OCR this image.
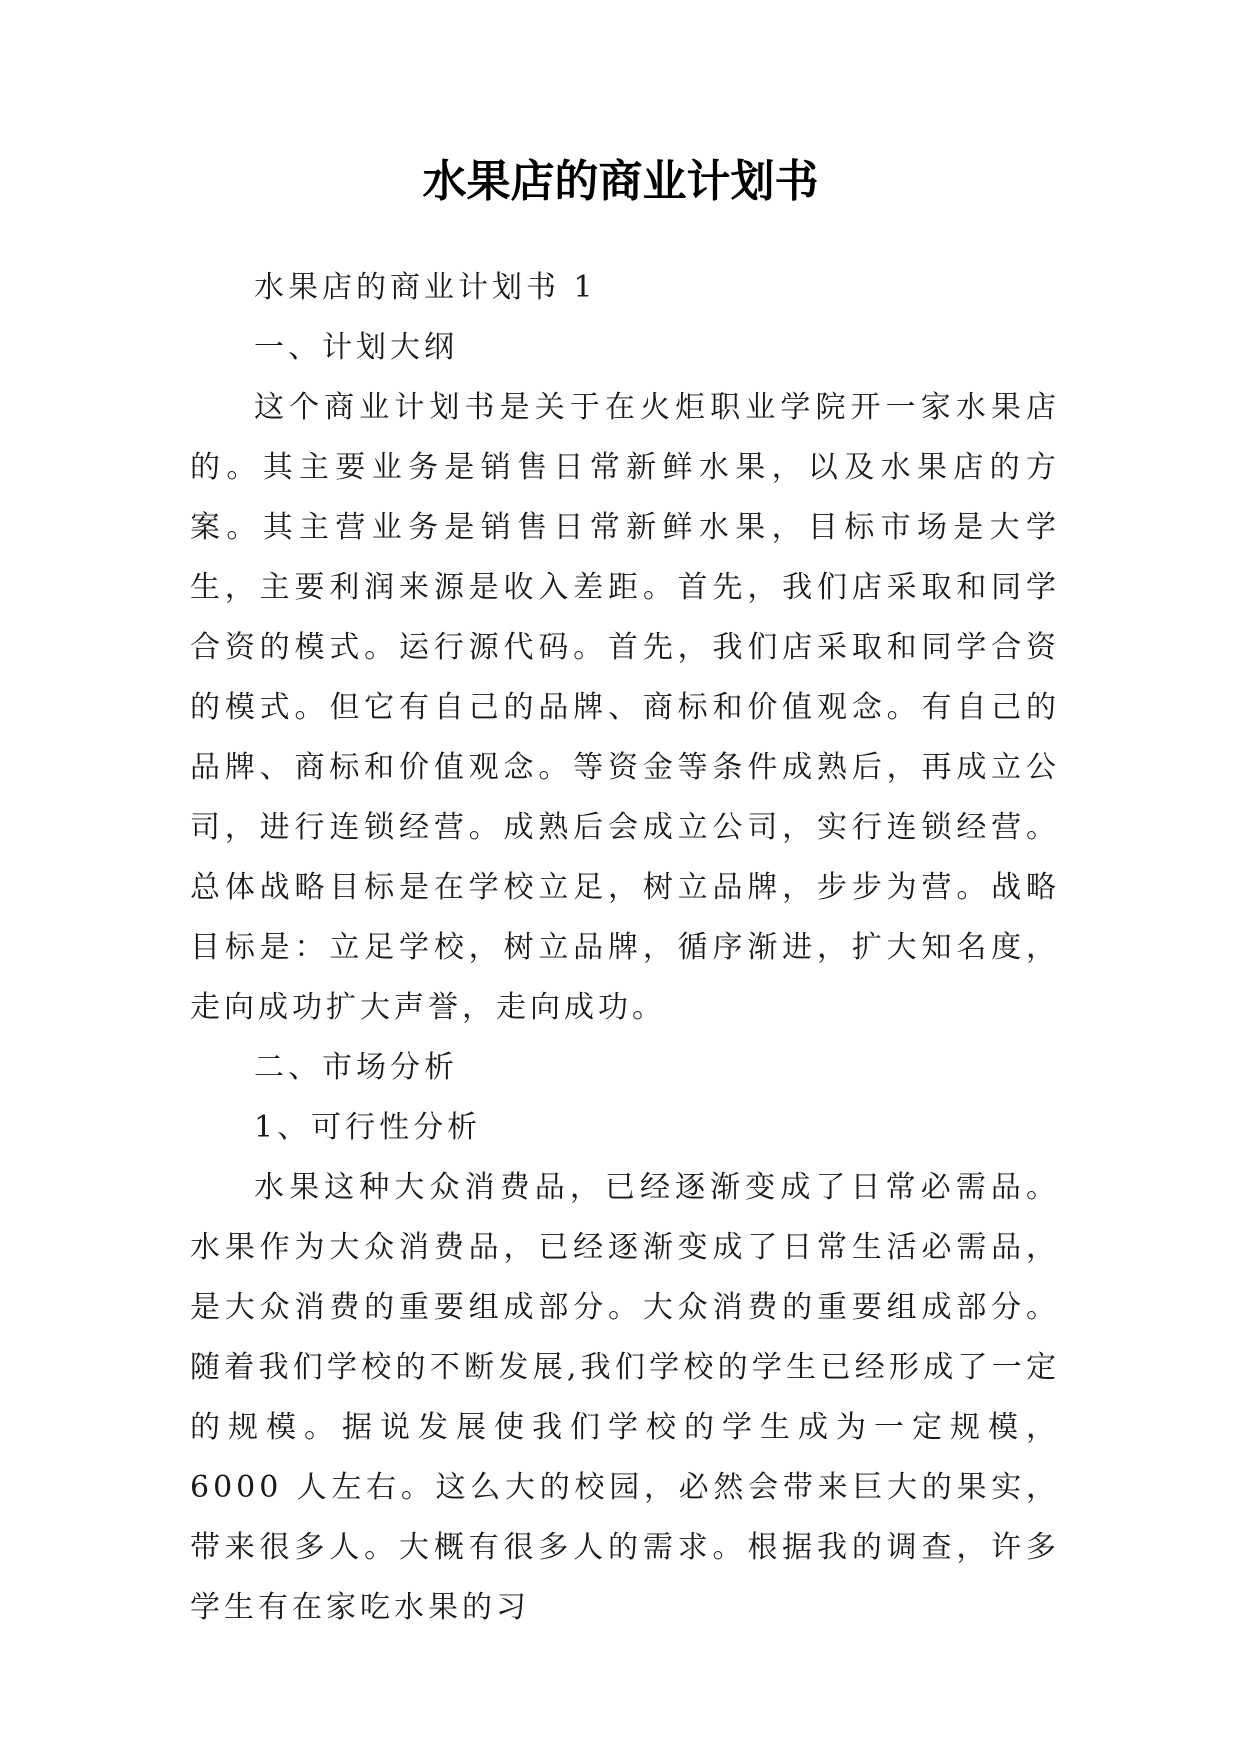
水果店的商业计划书

水果店的商业计划书 1

一、计划大纲

这个商业计划书是关于在火炬职业学院开一家水果店的。其主要业务是销售日常新鲜水果，以及水果店的方案。其主营业务是销售日常新鲜水果，目标市场是大学生，主要利润来源是收入差距。首先，我们店采取和同学合资的模式。运行源代码。首先，我们店采取和同学合资的模式。但它有自己的品牌、商标和价值观念。有自己的品牌、商标和价值观念。等资金等条件成熟后，再成立公司，进行连锁经营。成熟后会成立公司，实行连锁经营。总体战略目标是在学校立足，树立品牌，步步为营。战略目标是：立足学校，树立品牌，循序渐进，扩大知名度，走向成功扩大声誉，走向成功。

二、市场分析

1、可行性分析

水果这种大众消费品，已经逐渐变成了日常必需品。水果作为大众消费品，已经逐渐变成了日常生活必需品，是大众消费的重要组成部分。大众消费的重要组成部分。随着我们学校的不断发展,我们学校的学生已经形成了一定的规模。据说发展使我们学校的学生成为一定规模，6000 人左右。这么大的校园，必然会带来巨大的果实，带来很多人。大概有很多人的需求。根据我的调查，许多学生有在家吃水果的习
